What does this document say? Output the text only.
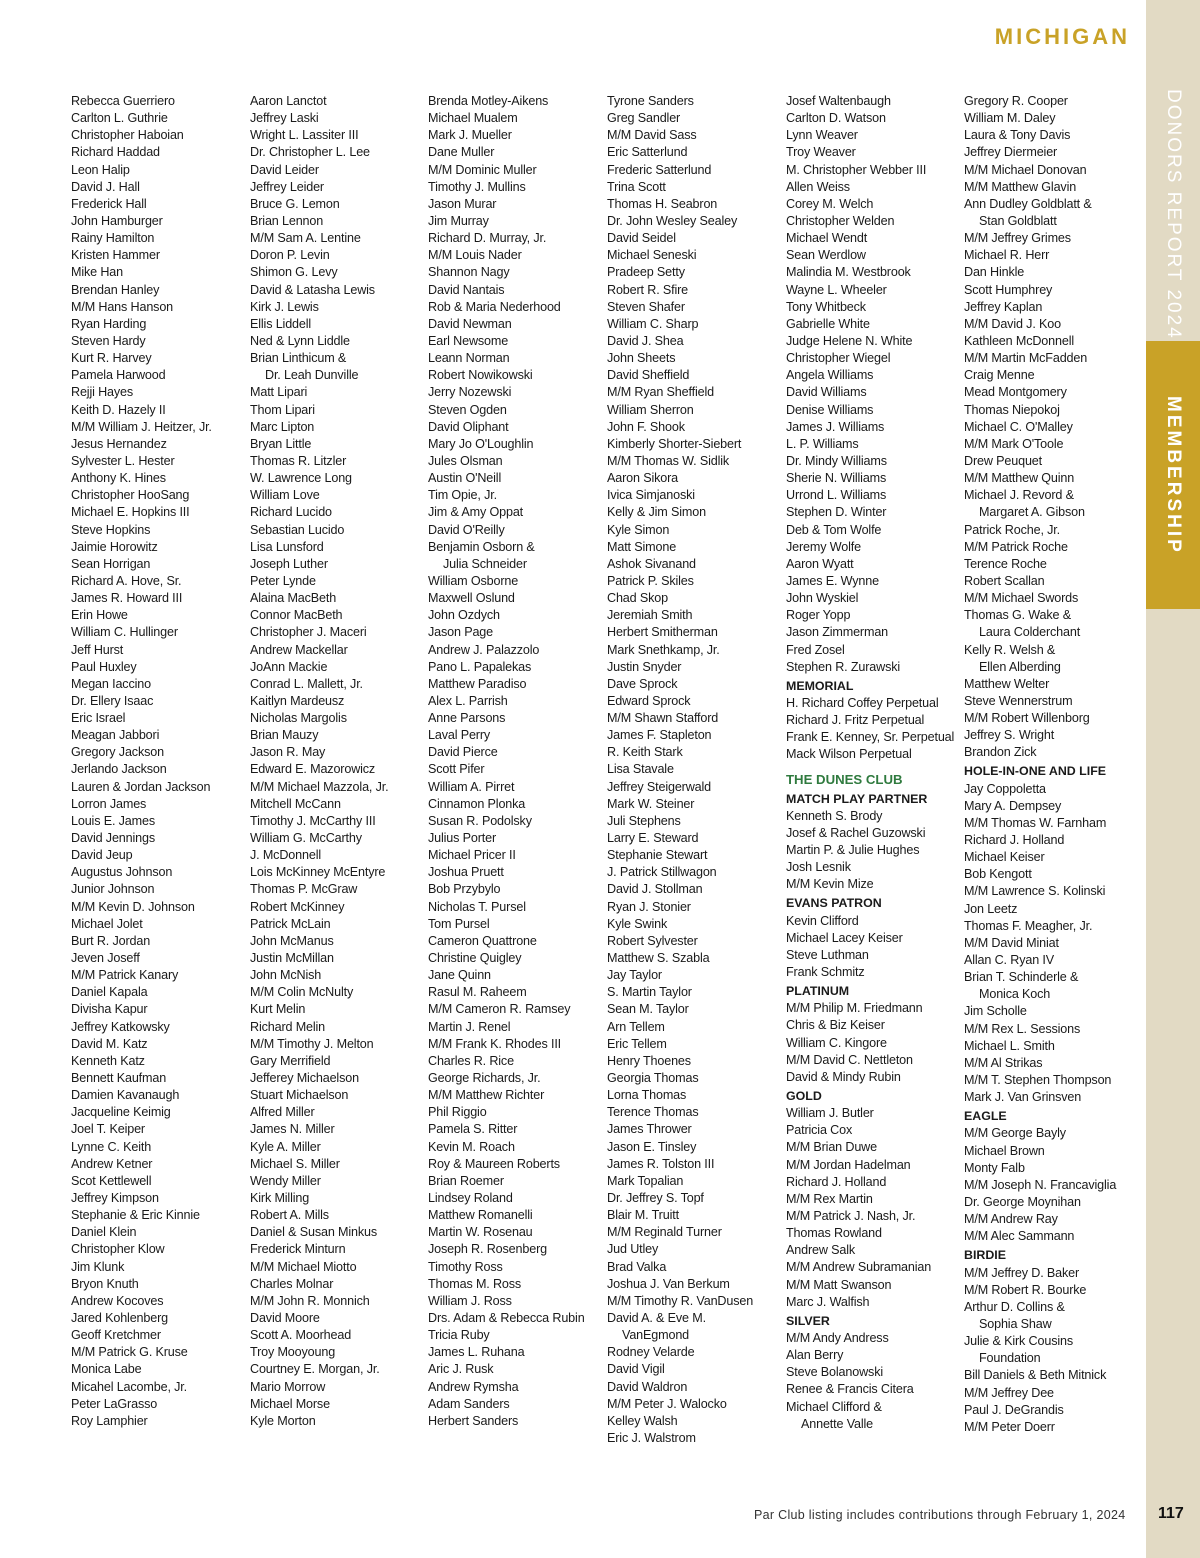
MICHIGAN
DONORS REPORT 2024
MEMBERSHIP
Rebecca Guerriero
Carlton L. Guthrie
Christopher Haboian
Richard Haddad
Leon Halip
David J. Hall
Frederick Hall
John Hamburger
Rainy Hamilton
Kristen Hammer
Mike Han
Brendan Hanley
M/M Hans Hanson
Ryan Harding
Steven Hardy
Kurt R. Harvey
Pamela Harwood
Rejji Hayes
Keith D. Hazely II
M/M William J. Heitzer, Jr.
Jesus Hernandez
Sylvester L. Hester
Anthony K. Hines
Christopher HooSang
Michael E. Hopkins III
Steve Hopkins
Jaimie Horowitz
Sean Horrigan
Richard A. Hove, Sr.
James R. Howard III
Erin Howe
William C. Hullinger
Jeff Hurst
Paul Huxley
Megan Iaccino
Dr. Ellery Isaac
Eric Israel
Meagan Jabbori
Gregory Jackson
Jerlando Jackson
Lauren & Jordan Jackson
Lorron James
Louis E. James
David Jennings
David Jeup
Augustus Johnson
Junior Johnson
M/M Kevin D. Johnson
Michael Jolet
Burt R. Jordan
Jeven Joseff
M/M Patrick Kanary
Daniel Kapala
Divisha Kapur
Jeffrey Katkowsky
David M. Katz
Kenneth Katz
Bennett Kaufman
Damien Kavanaugh
Jacqueline Keimig
Joel T. Keiper
Lynne C. Keith
Andrew Ketner
Scot Kettlewell
Jeffrey Kimpson
Stephanie & Eric Kinnie
Daniel Klein
Christopher Klow
Jim Klunk
Bryon Knuth
Andrew Kocoves
Jared Kohlenberg
Geoff Kretchmer
M/M Patrick G. Kruse
Monica Labe
Micahel Lacombe, Jr.
Peter LaGrasso
Roy Lamphier
Aaron Lanctot
Jeffrey Laski
Wright L. Lassiter III
Dr. Christopher L. Lee
David Leider
Jeffrey Leider
Bruce G. Lemon
Brian Lennon
M/M Sam A. Lentine
Doron P. Levin
Shimon G. Levy
David & Latasha Lewis
Kirk J. Lewis
Ellis Liddell
Ned & Lynn Liddle
Brian Linthicum &
Dr. Leah Dunville
Matt Lipari
Thom Lipari
Marc Lipton
Bryan Little
Thomas R. Litzler
W. Lawrence Long
William Love
Richard Lucido
Sebastian Lucido
Lisa Lunsford
Joseph Luther
Peter Lynde
Alaina MacBeth
Connor MacBeth
Christopher J. Maceri
Andrew Mackellar
JoAnn Mackie
Conrad L. Mallett, Jr.
Kaitlyn Mardeusz
Nicholas Margolis
Brian Mauzy
Jason R. May
Edward E. Mazorowicz
M/M Michael Mazzola, Jr.
Mitchell McCann
Timothy J. McCarthy III
William G. McCarthy
J. McDonnell
Lois McKinney McEntyre
Thomas P. McGraw
Robert McKinney
Patrick McLain
John McManus
Justin McMillan
John McNish
M/M Colin McNulty
Kurt Melin
Richard Melin
M/M Timothy J. Melton
Gary Merrifield
Jefferey Michaelson
Stuart Michaelson
Alfred Miller
James N. Miller
Kyle A. Miller
Michael S. Miller
Wendy Miller
Kirk Milling
Robert A. Mills
Daniel & Susan Minkus
Frederick Minturn
M/M Michael Miotto
Charles Molnar
M/M John R. Monnich
David Moore
Scott A. Moorhead
Troy Mooyoung
Courtney E. Morgan, Jr.
Mario Morrow
Michael Morse
Kyle Morton
Brenda Motley-Aikens
Michael Mualem
Mark J. Mueller
Dane Muller
M/M Dominic Muller
Timothy J. Mullins
Jason Murar
Jim Murray
Richard D. Murray, Jr.
M/M Louis Nader
Shannon Nagy
David Nantais
Rob & Maria Nederhood
David Newman
Earl Newsome
Leann Norman
Robert Nowikowski
Jerry Nozewski
Steven Ogden
David Oliphant
Mary Jo O'Loughlin
Jules Olsman
Austin O'Neill
Tim Opie, Jr.
Jim & Amy Oppat
David O'Reilly
Benjamin Osborn &
Julia Schneider
William Osborne
Maxwell Oslund
John Ozdych
Jason Page
Andrew J. Palazzolo
Pano L. Papalekas
Matthew Paradiso
Alex L. Parrish
Anne Parsons
Laval Perry
David Pierce
Scott Pifer
William A. Pirret
Cinnamon Plonka
Susan R. Podolsky
Julius Porter
Michael Pricer II
Joshua Pruett
Bob Przybylo
Nicholas T. Pursel
Tom Pursel
Cameron Quattrone
Christine Quigley
Jane Quinn
Rasul M. Raheem
M/M Cameron R. Ramsey
Martin J. Renel
M/M Frank K. Rhodes III
Charles R. Rice
George Richards, Jr.
M/M Matthew Richter
Phil Riggio
Pamela S. Ritter
Kevin M. Roach
Roy & Maureen Roberts
Brian Roemer
Lindsey Roland
Matthew Romanelli
Martin W. Rosenau
Joseph R. Rosenberg
Timothy Ross
Thomas M. Ross
William J. Ross
Drs. Adam & Rebecca Rubin
Tricia Ruby
James L. Ruhana
Aric J. Rusk
Andrew Rymsha
Adam Sanders
Herbert Sanders
Tyrone Sanders
Greg Sandler
M/M David Sass
Eric Satterlund
Frederic Satterlund
Trina Scott
Thomas H. Seabron
Dr. John Wesley Sealey
David Seidel
Michael Seneski
Pradeep Setty
Robert R. Sfire
Steven Shafer
William C. Sharp
David J. Shea
John Sheets
David Sheffield
M/M Ryan Sheffield
William Sherron
John F. Shook
Kimberly Shorter-Siebert
M/M Thomas W. Sidlik
Aaron Sikora
Ivica Simjanoski
Kelly & Jim Simon
Kyle Simon
Matt Simone
Ashok Sivanand
Patrick P. Skiles
Chad Skop
Jeremiah Smith
Herbert Smitherman
Mark Snethkamp, Jr.
Justin Snyder
Dave Sprock
Edward Sprock
M/M Shawn Stafford
James F. Stapleton
R. Keith Stark
Lisa Stavale
Jeffrey Steigerwald
Mark W. Steiner
Juli Stephens
Larry E. Steward
Stephanie Stewart
J. Patrick Stillwagon
David J. Stollman
Ryan J. Stonier
Kyle Swink
Robert Sylvester
Matthew S. Szabla
Jay Taylor
S. Martin Taylor
Sean M. Taylor
Arn Tellem
Eric Tellem
Henry Thoenes
Georgia Thomas
Lorna Thomas
Terence Thomas
James Thrower
Jason E. Tinsley
James R. Tolston III
Mark Topalian
Dr. Jeffrey S. Topf
Blair M. Truitt
M/M Reginald Turner
Jud Utley
Brad Valka
Joshua J. Van Berkum
M/M Timothy R. VanDusen
David A. & Eve M.
VanEgmond
Rodney Velarde
David Vigil
David Waldron
M/M Peter J. Walocko
Kelley Walsh
Eric J. Walstrom
Josef Waltenbaugh
Carlton D. Watson
Lynn Weaver
Troy Weaver
M. Christopher Webber III
Allen Weiss
Corey M. Welch
Christopher Welden
Michael Wendt
Sean Werdlow
Malindia M. Westbrook
Wayne L. Wheeler
Tony Whitbeck
Gabrielle White
Judge Helene N. White
Christopher Wiegel
Angela Williams
David Williams
Denise Williams
James J. Williams
L. P. Williams
Dr. Mindy Williams
Sherie N. Williams
Urrond L. Williams
Stephen D. Winter
Deb & Tom Wolfe
Jeremy Wolfe
Aaron Wyatt
James E. Wynne
John Wyskiel
Roger Yopp
Jason Zimmerman
Fred Zosel
Stephen R. Zurawski
MEMORIAL
H. Richard Coffey Perpetual
Richard J. Fritz Perpetual
Frank E. Kenney, Sr. Perpetual
Mack Wilson Perpetual
THE DUNES CLUB
MATCH PLAY PARTNER
Kenneth S. Brody
Josef & Rachel Guzowski
Martin P. & Julie Hughes
Josh Lesnik
M/M Kevin Mize
EVANS PATRON
Kevin Clifford
Michael Lacey Keiser
Steve Luthman
Frank Schmitz
PLATINUM
M/M Philip M. Friedmann
Chris & Biz Keiser
William C. Kingore
M/M David C. Nettleton
David & Mindy Rubin
GOLD
William J. Butler
Patricia Cox
M/M Brian Duwe
M/M Jordan Hadelman
Richard J. Holland
M/M Rex Martin
M/M Patrick J. Nash, Jr.
Thomas Rowland
Andrew Salk
M/M Andrew Subramanian
M/M Matt Swanson
Marc J. Walfish
SILVER
M/M Andy Andress
Alan Berry
Steve Bolanowski
Renee & Francis Citera
Michael Clifford &
Annette Valle
Gregory R. Cooper
William M. Daley
Laura & Tony Davis
Jeffrey Diermeier
M/M Michael Donovan
M/M Matthew Glavin
Ann Dudley Goldblatt &
Stan Goldblatt
M/M Jeffrey Grimes
Michael R. Herr
Dan Hinkle
Scott Humphrey
Jeffrey Kaplan
M/M David J. Koo
Kathleen McDonnell
M/M Martin McFadden
Craig Menne
Mead Montgomery
Thomas Niepokoj
Michael C. O'Malley
M/M Mark O'Toole
Drew Peuquet
M/M Matthew Quinn
Michael J. Revord &
Margaret A. Gibson
Patrick Roche, Jr.
M/M Patrick Roche
Terence Roche
Robert Scallan
M/M Michael Swords
Thomas G. Wake &
Laura Colderchant
Kelly R. Welsh &
Ellen Alberding
Matthew Welter
Steve Wennerstrum
M/M Robert Willenborg
Jeffrey S. Wright
Brandon Zick
HOLE-IN-ONE AND LIFE
Jay Coppoletta
Mary A. Dempsey
M/M Thomas W. Farnham
Richard J. Holland
Michael Keiser
Bob Kengott
M/M Lawrence S. Kolinski
Jon Leetz
Thomas F. Meagher, Jr.
M/M David Miniat
Allan C. Ryan IV
Brian T. Schinderle &
Monica Koch
Jim Scholle
M/M Rex L. Sessions
Michael L. Smith
M/M Al Strikas
M/M T. Stephen Thompson
Mark J. Van Grinsven
EAGLE
M/M George Bayly
Michael Brown
Monty Falb
M/M Joseph N. Francaviglia
Dr. George Moynihan
M/M Andrew Ray
M/M Alec Sammann
BIRDIE
M/M Jeffrey D. Baker
M/M Robert R. Bourke
Arthur D. Collins &
Sophia Shaw
Julie & Kirk Cousins
Foundation
Bill Daniels & Beth Mitnick
M/M Jeffrey Dee
Paul J. DeGrandis
M/M Peter Doerr
Par Club listing includes contributions through February 1, 2024 117
